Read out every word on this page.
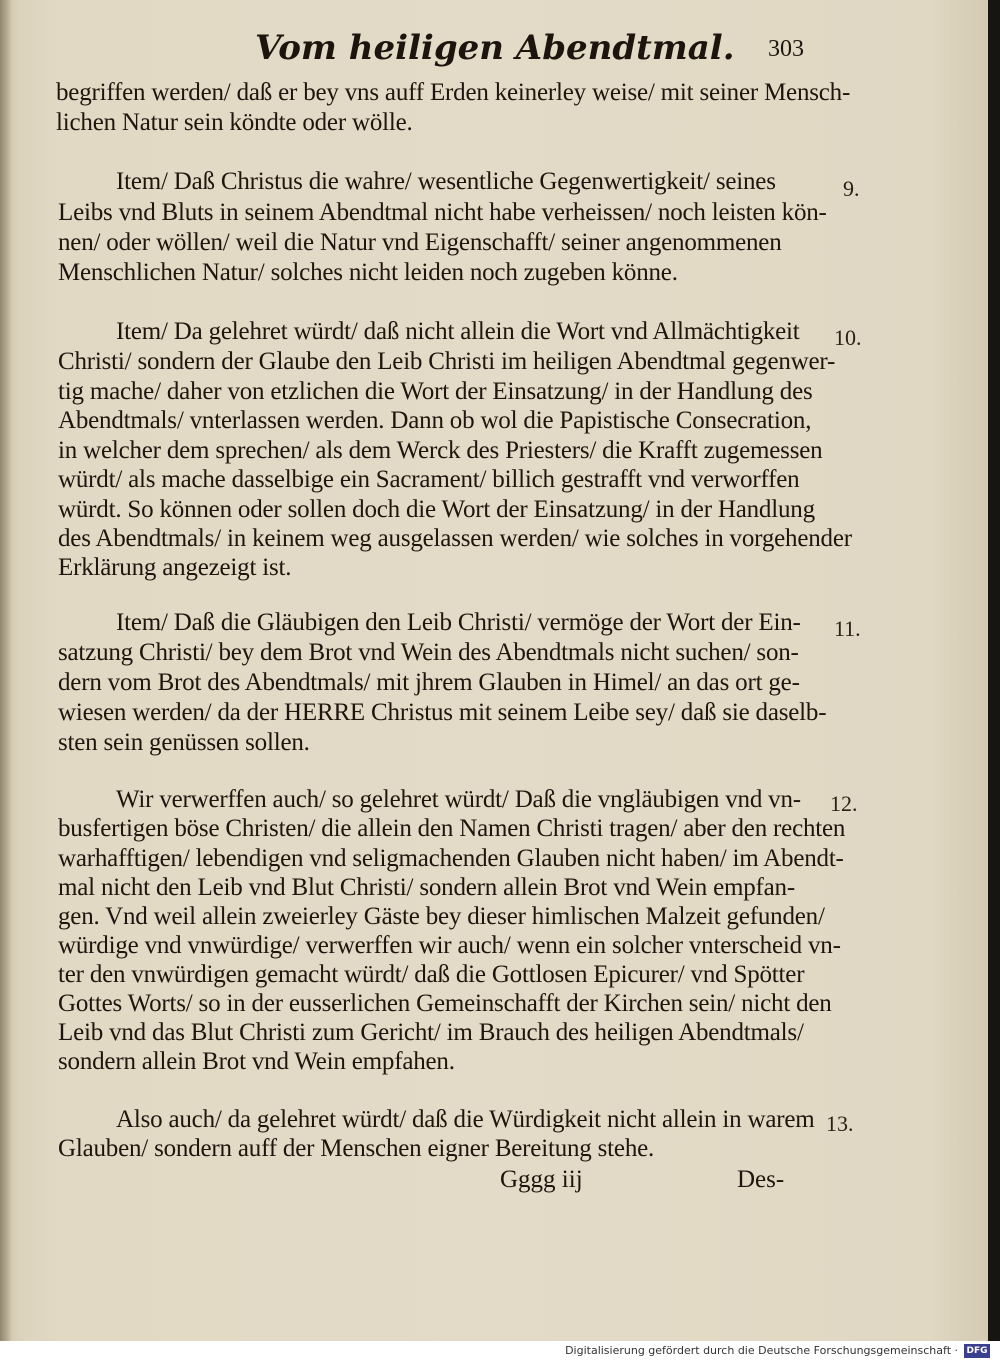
Vom heiligen Abendtmal. 303
begriffen werden/ daß er bey vns auff Erden keinerley weise/ mit seiner Mensch-
lichen Natur sein köndte oder wölle.
Item/ Daß Christus die wahre/ wesentliche Gegenwertigkeit/ seines
Leibs vnd Bluts in seinem Abendtmal nicht habe verheissen/ noch leisten kön-
nen/ oder wöllen/ weil die Natur vnd Eigenschafft/ seiner angenommenen
Menschlichen Natur/ solches nicht leiden noch zugeben könne.
Item/ Da gelehret würdt/ daß nicht allein die Wort vnd Allmächtigkeit
Christi/ sondern der Glaube den Leib Christi im heiligen Abendtmal gegenwer-
tig mache/ daher von etzlichen die Wort der Einsatzung/ in der Handlung des
Abendtmals/ vnterlassen werden. Dann ob wol die Papistische Consecration,
in welcher dem sprechen/ als dem Werck des Priesters/ die Krafft zugemessen
würdt/ als mache dasselbige ein Sacrament/ billich gestrafft vnd verworffen
würdt. So können oder sollen doch die Wort der Einsatzung/ in der Handlung
des Abendtmals/ in keinem weg ausgelassen werden/ wie solches in vorgehender
Erklärung angezeigt ist.
Item/ Daß die Gläubigen den Leib Christi/ vermöge der Wort der Ein-
satzung Christi/ bey dem Brot vnd Wein des Abendtmals nicht suchen/ son-
dern vom Brot des Abendtmals/ mit jhrem Glauben in Himel/ an das ort ge-
wiesen werden/ da der HERRE Christus mit seinem Leibe sey/ daß sie daselb-
sten sein genüssen sollen.
Wir verwerffen auch/ so gelehret würdt/ Daß die vngläubigen vnd vn-
busfertigen böse Christen/ die allein den Namen Christi tragen/ aber den rechten
warhafftigen/ lebendigen vnd seligmachenden Glauben nicht haben/ im Abendt-
mal nicht den Leib vnd Blut Christi/ sondern allein Brot vnd Wein empfan-
gen. Vnd weil allein zweierley Gäste bey dieser himlischen Malzeit gefunden/
würdige vnd vnwürdige/ verwerffen wir auch/ wenn ein solcher vnterscheid vn-
ter den vnwürdigen gemacht würdt/ daß die Gottlosen Epicurer/ vnd Spötter
Gottes Worts/ so in der eusserlichen Gemeinschafft der Kirchen sein/ nicht den
Leib vnd das Blut Christi zum Gericht/ im Brauch des heiligen Abendtmals/
sondern allein Brot vnd Wein empfahen.
Also auch/ da gelehret würdt/ daß die Würdigkeit nicht allein in warem
Glauben/ sondern auff der Menschen eigner Bereitung stehe.
9.
10.
11.
12.
13.
Gggg iij	Des-
Digitalisierung gefördert durch die Deutsche Forschungsgemeinschaft · DFG
